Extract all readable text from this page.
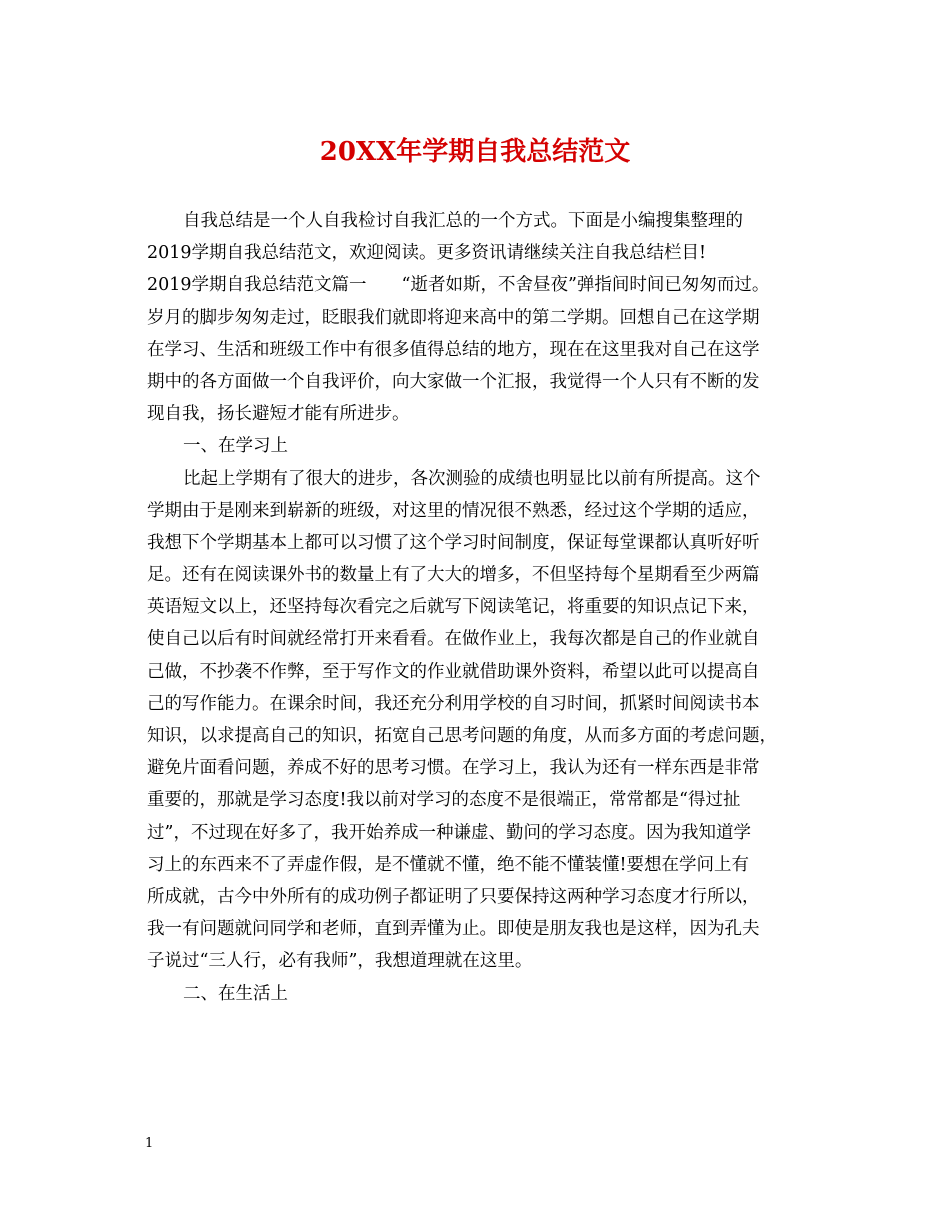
20XX年学期自我总结范文
自我总结是一个人自我检讨自我汇总的一个方式。下面是小编搜集整理的
2019学期自我总结范文，欢迎阅读。更多资讯请继续关注自我总结栏目!
2019学期自我总结范文篇一　　“逝者如斯，不舍昼夜”弹指间时间已匆匆而过。
岁月的脚步匆匆走过，眨眼我们就即将迎来高中的第二学期。回想自己在这学期
在学习、生活和班级工作中有很多值得总结的地方，现在在这里我对自己在这学
期中的各方面做一个自我评价，向大家做一个汇报，我觉得一个人只有不断的发
现自我，扬长避短才能有所进步。
一、在学习上
比起上学期有了很大的进步，各次测验的成绩也明显比以前有所提高。这个
学期由于是刚来到崭新的班级，对这里的情况很不熟悉，经过这个学期的适应，
我想下个学期基本上都可以习惯了这个学习时间制度，保证每堂课都认真听好听
足。还有在阅读课外书的数量上有了大大的增多，不但坚持每个星期看至少两篇
英语短文以上，还坚持每次看完之后就写下阅读笔记，将重要的知识点记下来，
使自己以后有时间就经常打开来看看。在做作业上，我每次都是自己的作业就自
己做，不抄袭不作弊，至于写作文的作业就借助课外资料，希望以此可以提高自
己的写作能力。在课余时间，我还充分利用学校的自习时间，抓紧时间阅读书本
知识，以求提高自己的知识，拓宽自己思考问题的角度，从而多方面的考虑问题，
避免片面看问题，养成不好的思考习惯。在学习上，我认为还有一样东西是非常
重要的，那就是学习态度!我以前对学习的态度不是很端正，常常都是“得过扯
过”，不过现在好多了，我开始养成一种谦虚、勤问的学习态度。因为我知道学
习上的东西来不了弄虚作假，是不懂就不懂，绝不能不懂装懂!要想在学问上有
所成就，古今中外所有的成功例子都证明了只要保持这两种学习态度才行所以，
我一有问题就问同学和老师，直到弄懂为止。即使是朋友我也是这样，因为孔夫
子说过“三人行，必有我师”，我想道理就在这里。
二、在生活上
1
